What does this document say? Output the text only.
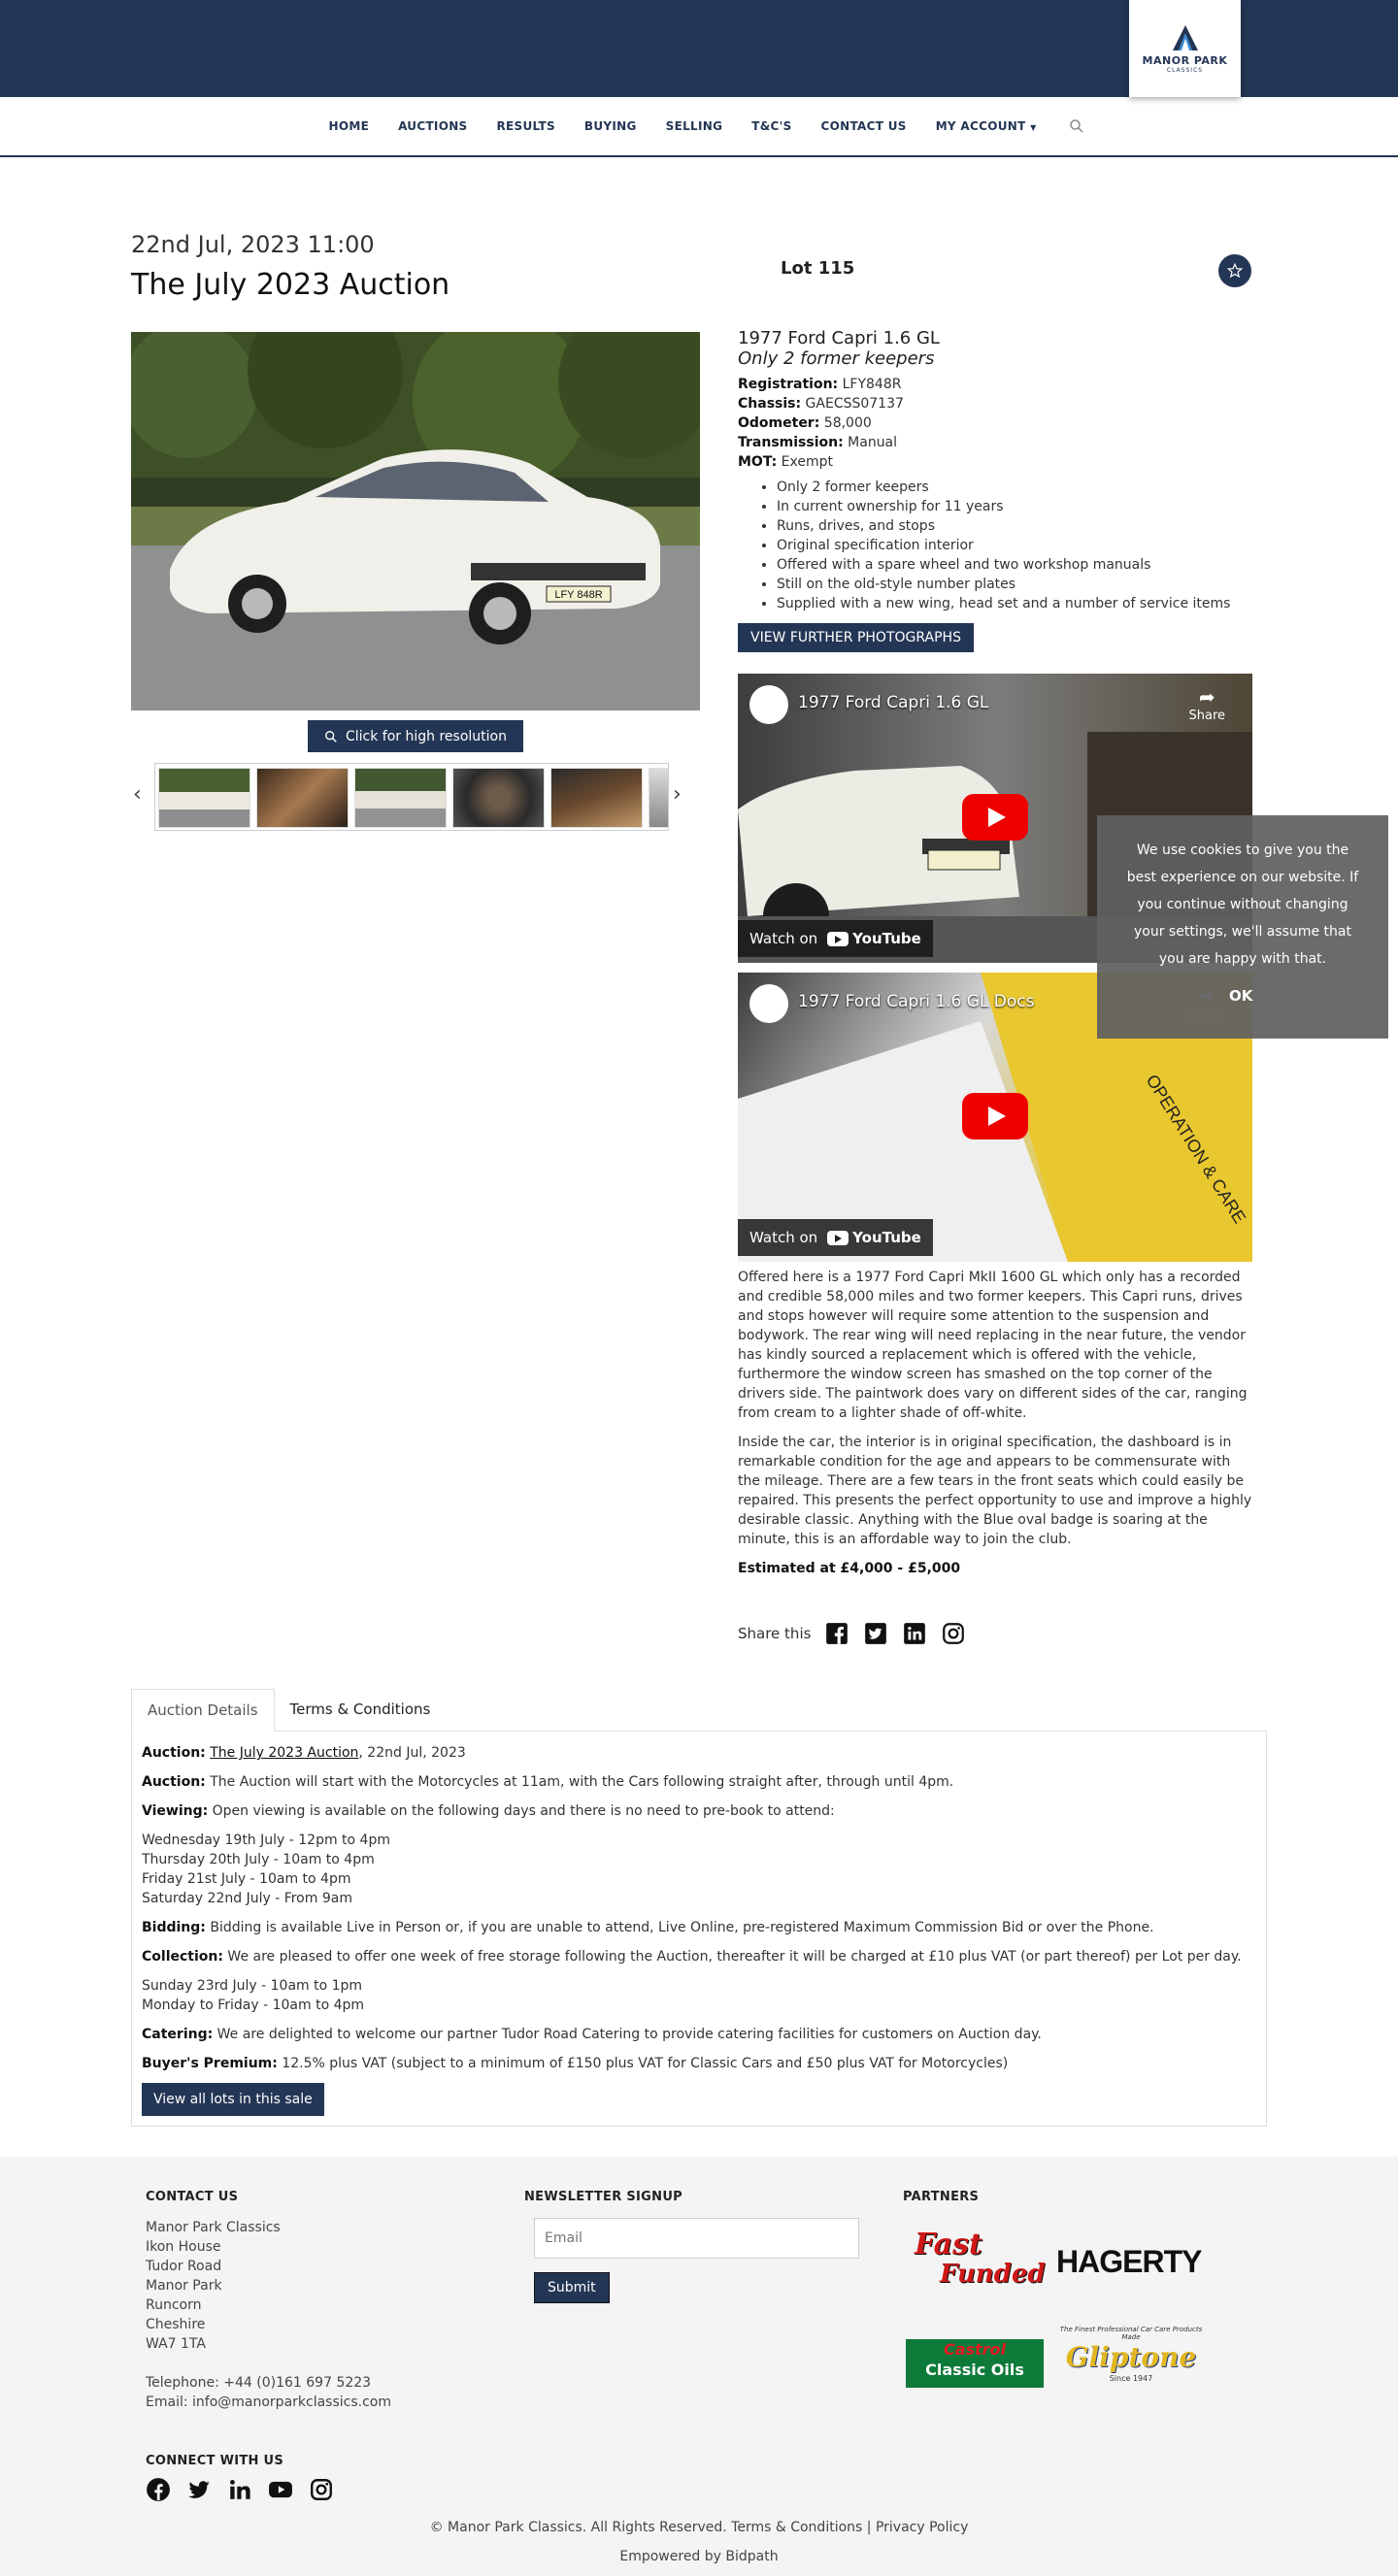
MANOR PARK
CLASSICS
HOME	AUCTIONS	RESULTS	BUYING	SELLING	T&C'S	CONTACT US	MY ACCOUNT ▼
22nd Jul, 2023 11:00
The July 2023 Auction	Lot 115
LFY 848R
Click for high resolution
‹	›
1977 Ford Capri 1.6 GL
Only 2 former keepers
Registration: LFY848R
Chassis: GAECSS07137
Odometer: 58,000
Transmission: Manual
MOT: Exempt
• Only 2 former keepers
• In current ownership for 11 years
• Runs, drives, and stops
• Original specification interior
• Offered with a spare wheel and two workshop manuals
• Still on the old-style number plates
• Supplied with a new wing, head set and a number of service items
VIEW FURTHER PHOTOGRAPHS
1977 Ford Capri 1.6 GL	➦
Share
Watch on YouTube
OPERATION & CARE
1977 Ford Capri 1.6 GL Docs
Watch on YouTube

Offered here is a 1977 Ford Capri MkII 1600 GL which only has a recorded and credible 58,000 miles and two former keepers. This Capri runs, drives and stops however will require some attention to the suspension and bodywork. The rear wing will need replacing in the near future, the vendor has kindly sourced a replacement which is offered with the vehicle, furthermore the window screen has smashed on the top corner of the drivers side. The paintwork does vary on different sides of the car, ranging from cream to a lighter shade of off-white.

Inside the car, the interior is in original specification, the dashboard is in remarkable condition for the age and appears to be commensurate with the mileage. There are a few tears in the front seats which could easily be repaired. This presents the perfect opportunity to use and improve a highly desirable classic. Anything with the Blue oval badge is soaring at the minute, this is an affordable way to join the club.

Estimated at £4,000 - £5,000
Share this
We use cookies to give you the best experience on our website. If you continue without changing your settings, we'll assume that you are happy with that.
OK
Auction Details	Terms & Conditions

Auction: The July 2023 Auction, 22nd Jul, 2023

Auction: The Auction will start with the Motorcycles at 11am, with the Cars following straight after, through until 4pm.

Viewing: Open viewing is available on the following days and there is no need to pre-book to attend:

Wednesday 19th July - 12pm to 4pm
Thursday 20th July - 10am to 4pm
Friday 21st July - 10am to 4pm
Saturday 22nd July - From 9am

Bidding: Bidding is available Live in Person or, if you are unable to attend, Live Online, pre-registered Maximum Commission Bid or over the Phone.

Collection: We are pleased to offer one week of free storage following the Auction, thereafter it will be charged at £10 plus VAT (or part thereof) per Lot per day.

Sunday 23rd July - 10am to 1pm
Monday to Friday - 10am to 4pm

Catering: We are delighted to welcome our partner Tudor Road Catering to provide catering facilities for customers on Auction day.

Buyer's Premium: 12.5% plus VAT (subject to a minimum of £150 plus VAT for Classic Cars and £50 plus VAT for Motorcycles)

View all lots in this sale
CONTACT US
Manor Park Classics
Ikon House
Tudor Road
Manor Park
Runcorn
Cheshire
WA7 1TA
Telephone: +44 (0)161 697 5223
Email: info@manorparkclassics.com
NEWSLETTER SIGNUP
Email
Submit
PARTNERS
Fast
Funded HAGERTY
Castrol
Classic Oils
The Finest Professional Car Care Products Made
Gliptone
Since 1947
CONNECT WITH US
© Manor Park Classics. All Rights Reserved. Terms & Conditions | Privacy Policy
Empowered by Bidpath
